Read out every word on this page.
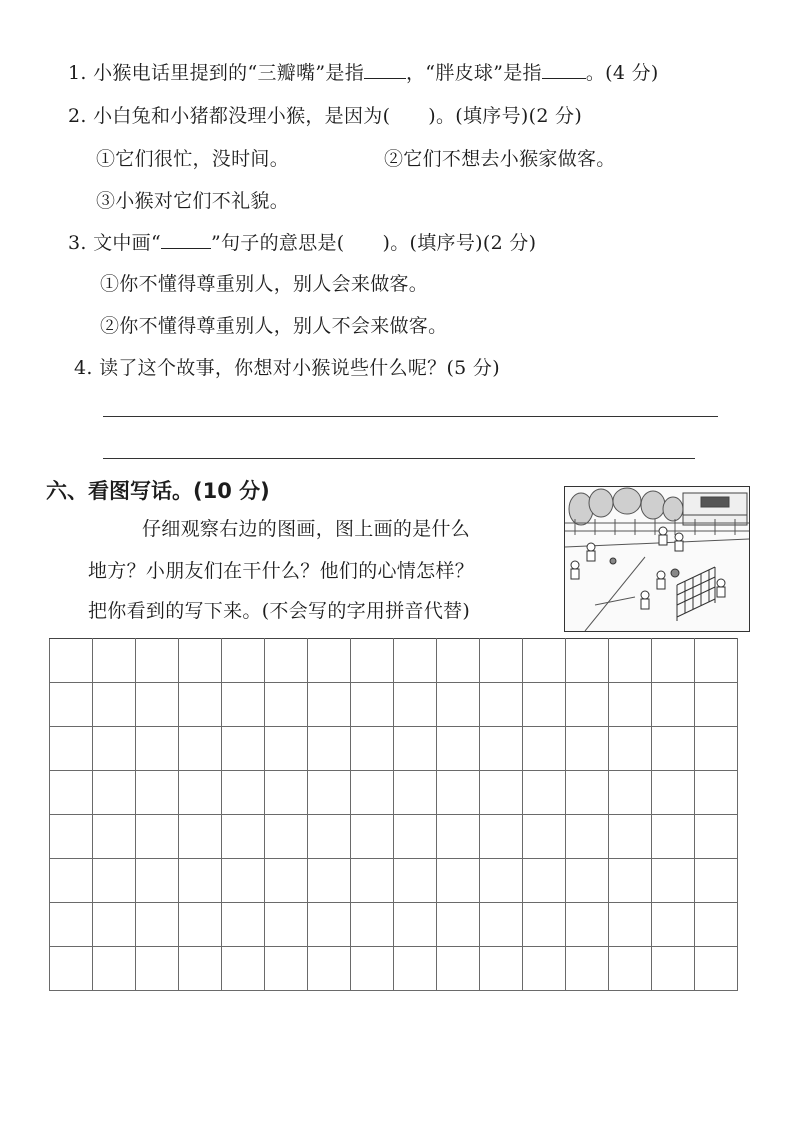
1. 小猴电话里提到的“三瓣嘴”是指 ，“胖皮球”是指 。(4 分)
2. 小白兔和小猪都没理小猴，是因为( )。(填序号)(2 分)
①它们很忙，没时间。	②它们不想去小猴家做客。
③小猴对它们不礼貌。
3. 文中画“	”句子的意思是( )。(填序号)(2 分)
①你不懂得尊重别人，别人会来做客。
②你不懂得尊重别人，别人不会来做客。
4. 读了这个故事，你想对小猴说些什么呢？(5 分)
六、看图写话。(10 分)
仔细观察右边的图画，图上画的是什么
地方？小朋友们在干什么？他们的心情怎样？
把你看到的写下来。(不会写的字用拼音代替)
